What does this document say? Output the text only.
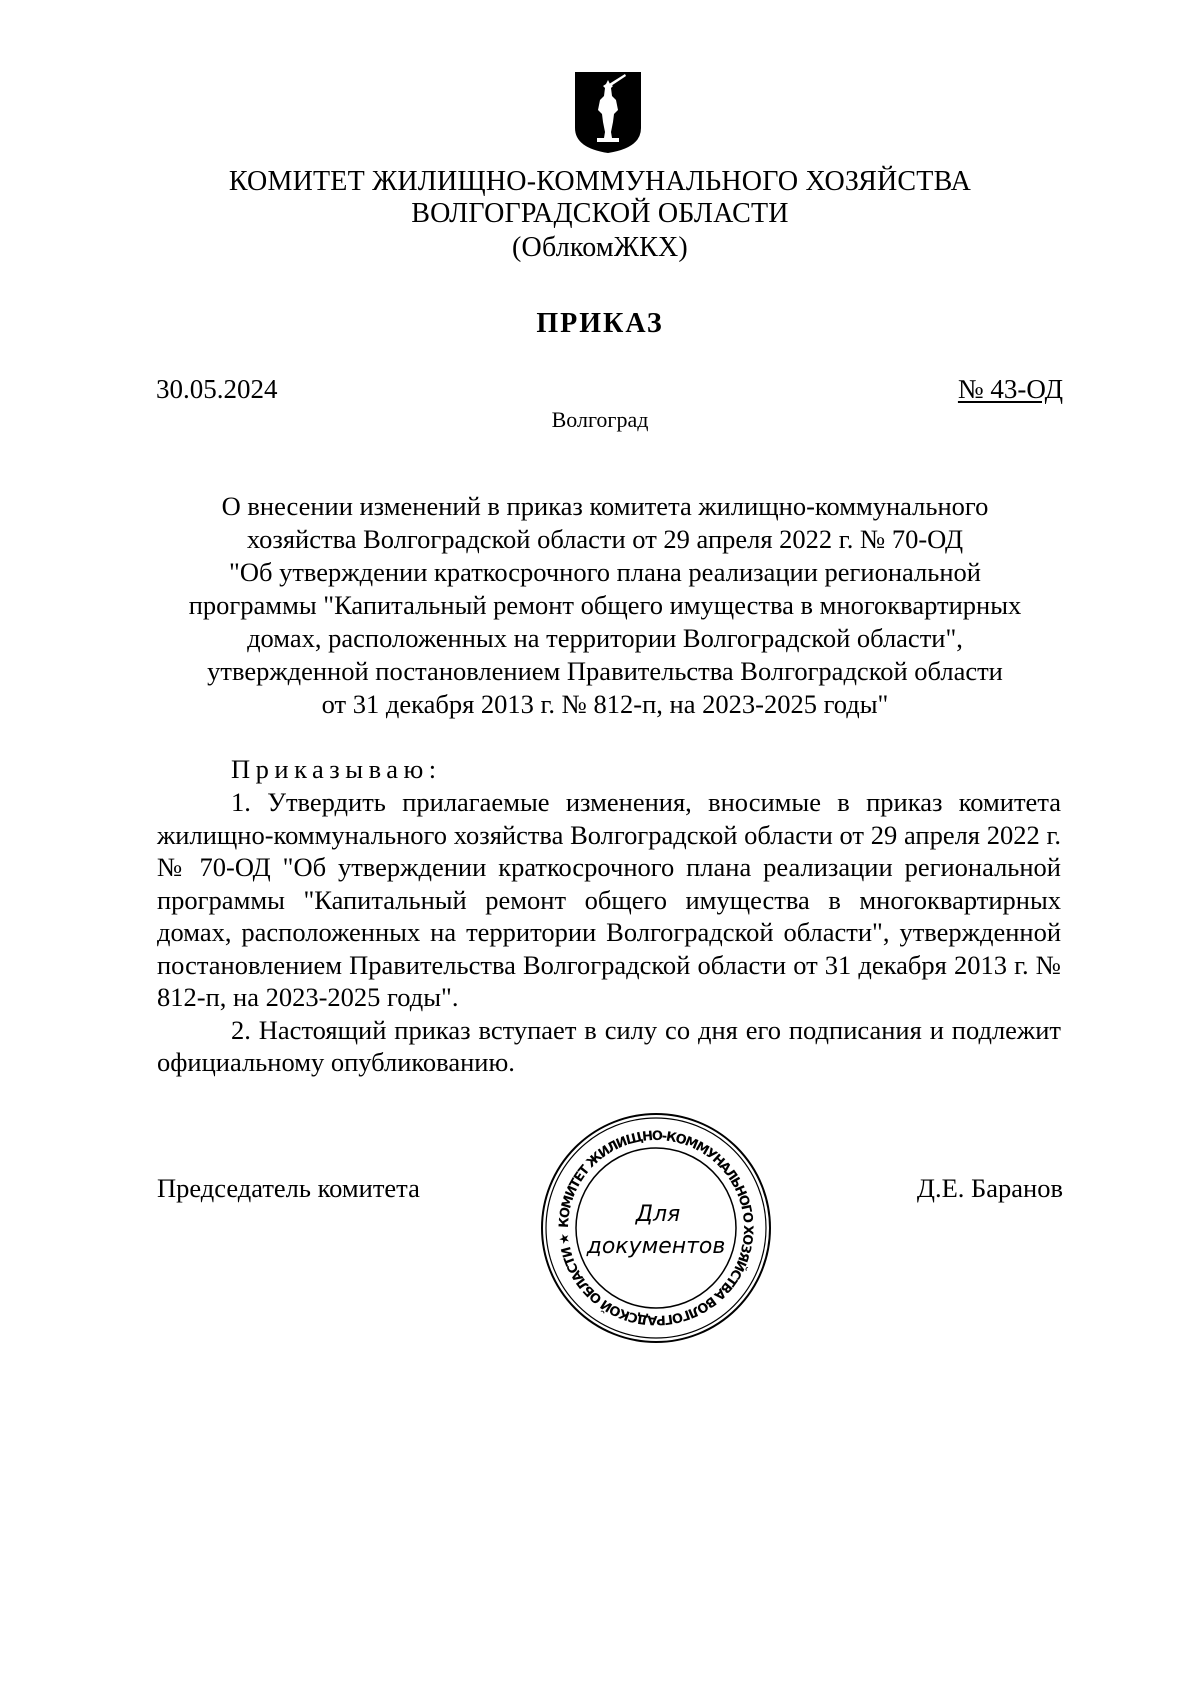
КОМИТЕТ ЖИЛИЩНО-КОММУНАЛЬНОГО ХОЗЯЙСТВА
ВОЛГОГРАДСКОЙ ОБЛАСТИ
(ОблкомЖКХ)
ПРИКАЗ
30.05.2024	№ 43-ОД
Волгоград
О внесении изменений в приказ комитета жилищно-коммунального
хозяйства Волгоградской области от 29 апреля 2022 г. № 70-ОД
"Об утверждении краткосрочного плана реализации региональной
программы "Капитальный ремонт общего имущества в многоквартирных
домах, расположенных на территории Волгоградской области",
утвержденной постановлением Правительства Волгоградской области
от 31 декабря 2013 г. № 812-п, на 2023-2025 годы"
Приказываю:

1. Утвердить прилагаемые изменения, вносимые в приказ комитета жилищно-коммунального хозяйства Волгоградской области от 29 апреля 2022 г. № 70-ОД "Об утверждении краткосрочного плана реализации региональной программы "Капитальный ремонт общего имущества в многоквартирных домах, расположенных на территории Волгоградской области", утвержденной постановлением Правительства Волгоградской области от 31 декабря 2013 г. № 812-п, на 2023-2025 годы".

2. Настоящий приказ вступает в силу со дня его подписания и подлежит официальному опубликованию.

Председатель комитета	Д.Е. Баранов
КОМИТЕТ ЖИЛИЩНО-КОММУНАЛЬНОГО ХОЗЯЙСТВА ВОЛГОГРАДСКОЙ ОБЛАСТИ ★
Для
документов
